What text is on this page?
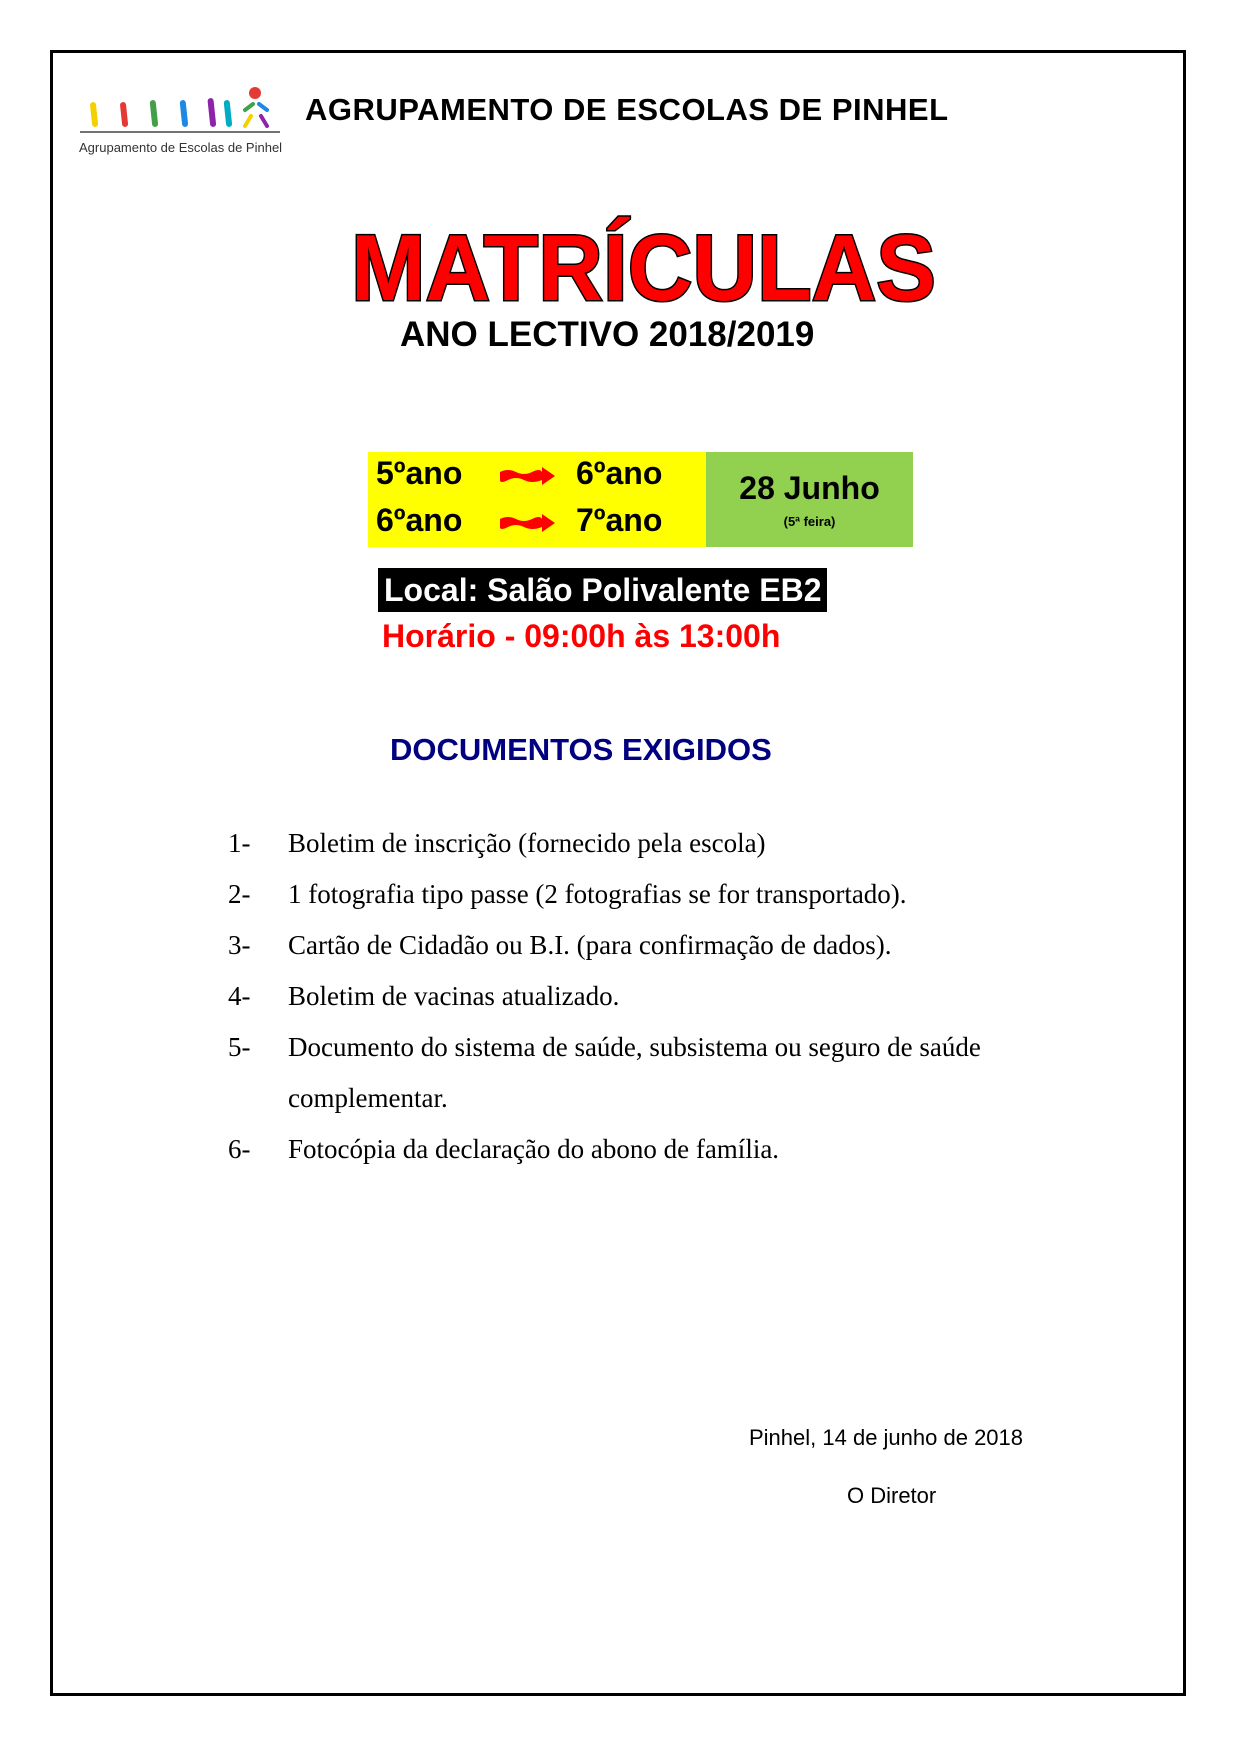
Agrupamento de Escolas de Pinhel
AGRUPAMENTO DE ESCOLAS DE PINHEL
MATRÍCULAS
ANO LECTIVO 2018/2019
5ºano	6ºano
6ºano	7ºano
28 Junho
(5ª feira)
Local: Salão Polivalente EB2
Horário - 09:00h às 13:00h
DOCUMENTOS EXIGIDOS
1- Boletim de inscrição (fornecido pela escola)
2- 1 fotografia tipo passe (2 fotografias se for transportado).
3- Cartão de Cidadão ou B.I. (para confirmação de dados).
4- Boletim de vacinas atualizado.
5- Documento do sistema de saúde, subsistema ou seguro de saúde complementar.
6- Fotocópia da declaração do abono de família.
Pinhel, 14 de junho de 2018
O Diretor
